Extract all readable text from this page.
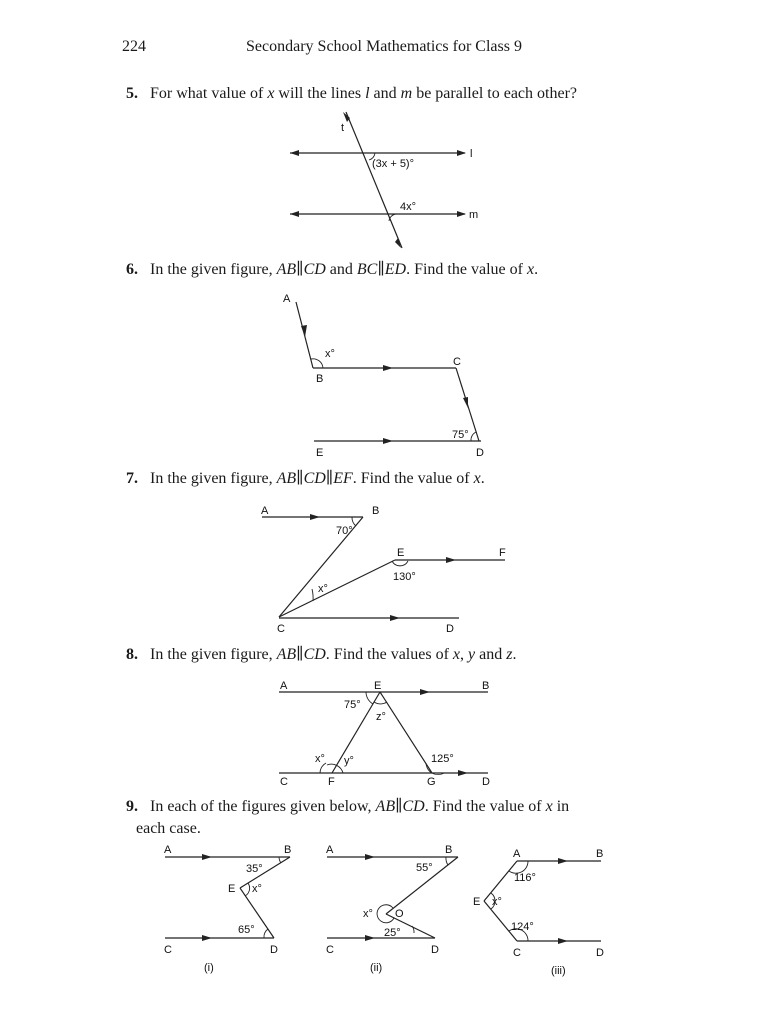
224	Secondary School Mathematics for Class 9
5. For what value of x will the lines l and m be parallel to each other?
6. In the given figure, AB∥CD and BC∥ED. Find the value of x.
7. In the given figure, AB∥CD∥EF. Find the value of x.
8. In the given figure, AB∥CD. Find the values of x, y and z.
9. In each of the figures given below, AB∥CD. Find the value of x in
each case.
t
l
m
(3x + 5)°
4x°
A
B
C
D
E
x°
75°
A	B
C	D
E	F
70°
130°
x°
A	B
C	D
E
F	G
75°
z°
x° y°	125°
A	B
C	D
E
35°
x°
65°
(i)
A	B
C	D
O
55°
x°
25°
(ii)
A	B
C	D
E
116°
x°
124°
(iii)
